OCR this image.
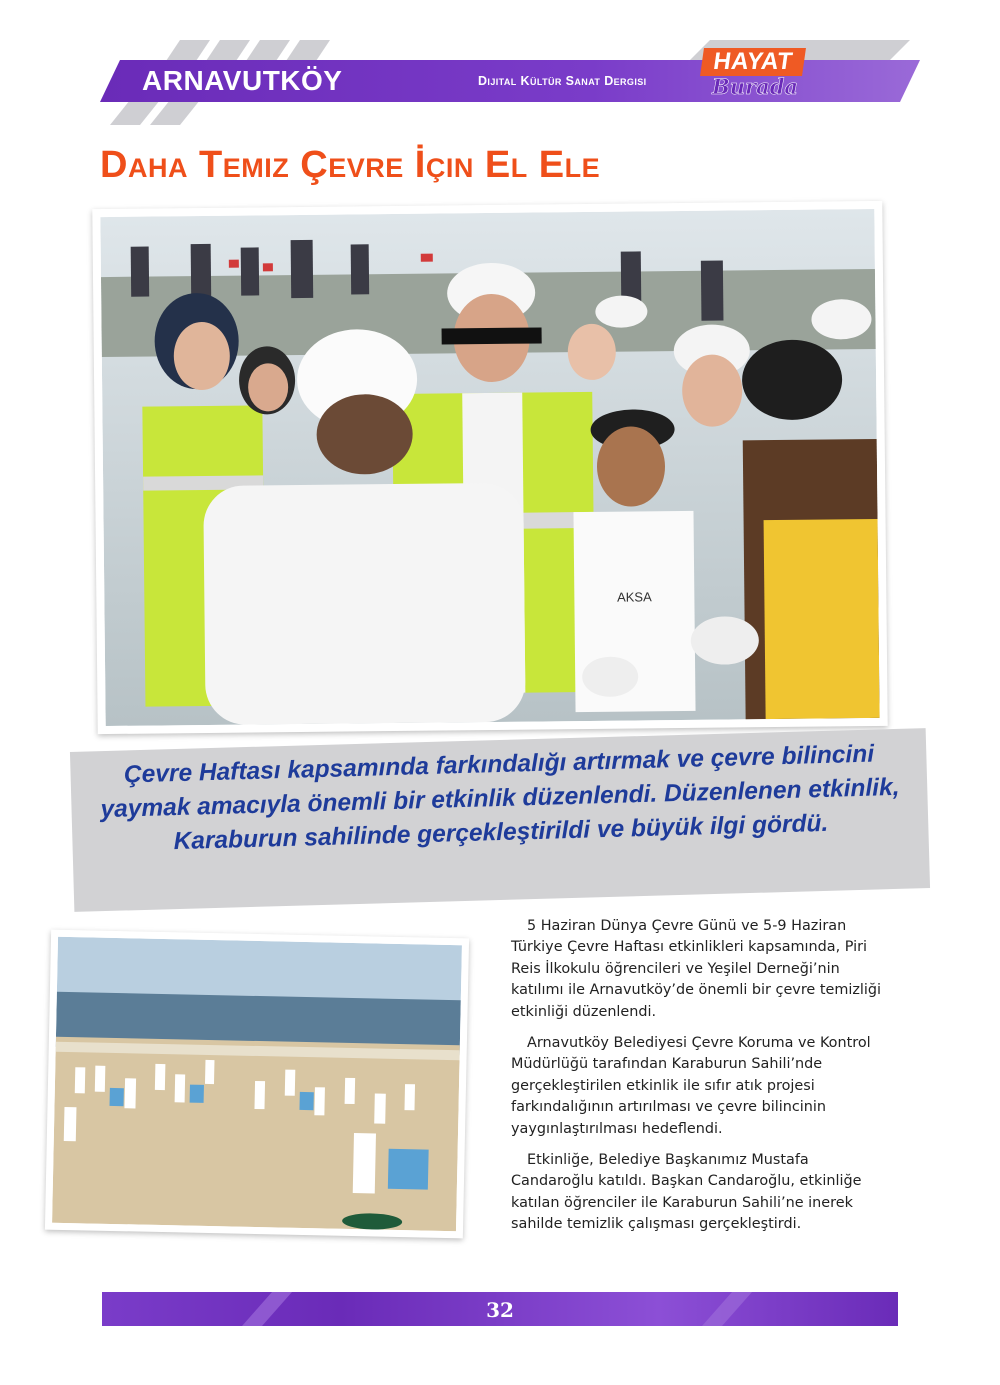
ARNAVUTKÖY	Dijital Kültür Sanat Dergisi
HAYAT
Burada
Daha Temiz Çevre İçin El Ele
AKSA
Çevre Haftası kapsamında farkındalığı artırmak ve çevre bilincini yaymak amacıyla önemli bir etkinlik düzenlendi. Düzenlenen etkinlik, Karaburun sahilinde gerçekleştirildi ve büyük ilgi gördü.

5 Haziran Dünya Çevre Günü ve 5-9 Haziran Türkiye Çevre Haftası etkinlikleri kapsamında, Piri Reis İlkokulu öğrencileri ve Yeşilel Derneği’nin katılımı ile Arnavutköy’de önemli bir çevre temizliği etkinliği düzenlendi.

Arnavutköy Belediyesi Çevre Koruma ve Kontrol Müdürlüğü tarafından Karaburun Sahili’nde gerçekleştirilen etkinlik ile sıfır atık projesi farkındalığının artırılması ve çevre bilincinin yaygınlaştırılması hedeflendi.

Etkinliğe, Belediye Başkanımız Mustafa Candaroğlu katıldı. Başkan Candaroğlu, etkinliğe katılan öğrenciler ile Karaburun Sahili’ne inerek sahilde temizlik çalışması gerçekleştirdi.

32
